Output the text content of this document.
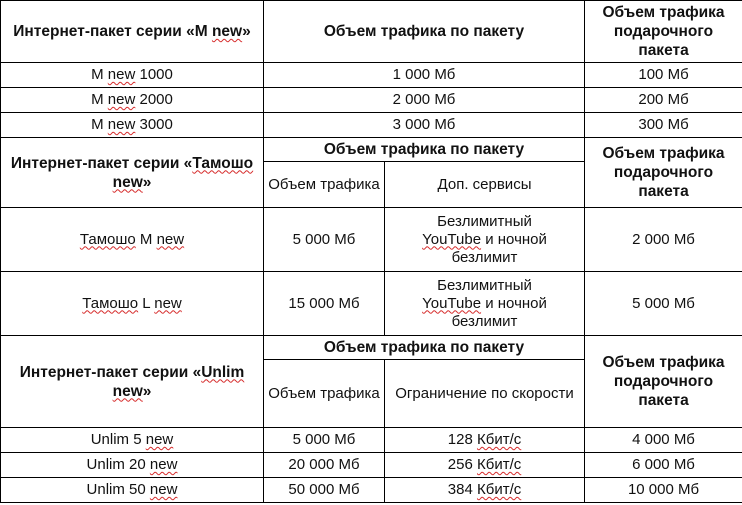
Интернет-пакет серии «М new»	Объем трафика по пакету		Объем трафика подарочного пакета
M new 1000	1 000 Мб		100 Мб
M new 2000	2 000 Мб		200 Мб
M new 3000	3 000 Мб		300 Мб
Интернет-пакет серии «Тамошо new»	Объем трафика по пакету		Объем трафика подарочного пакета
	Объем трафика	Доп. сервисы	
Тамошо M new	5 000 Мб	Безлимитный
YouTube и ночной
безлимит	2 000 Мб
Тамошо L new	15 000 Мб	Безлимитный
YouTube и ночной
безлимит	5 000 Мб
Интернет-пакет серии «Unlim new»	Объем трафика по пакету		Объем трафика подарочного пакета
	Объем трафика	Ограничение по скорости	
Unlim 5 new	5 000 Мб	128 Кбит/с	4 000 Мб
Unlim 20 new	20 000 Мб	256 Кбит/с	6 000 Мб
Unlim 50 new	50 000 Мб	384 Кбит/с	10 000 Мб
